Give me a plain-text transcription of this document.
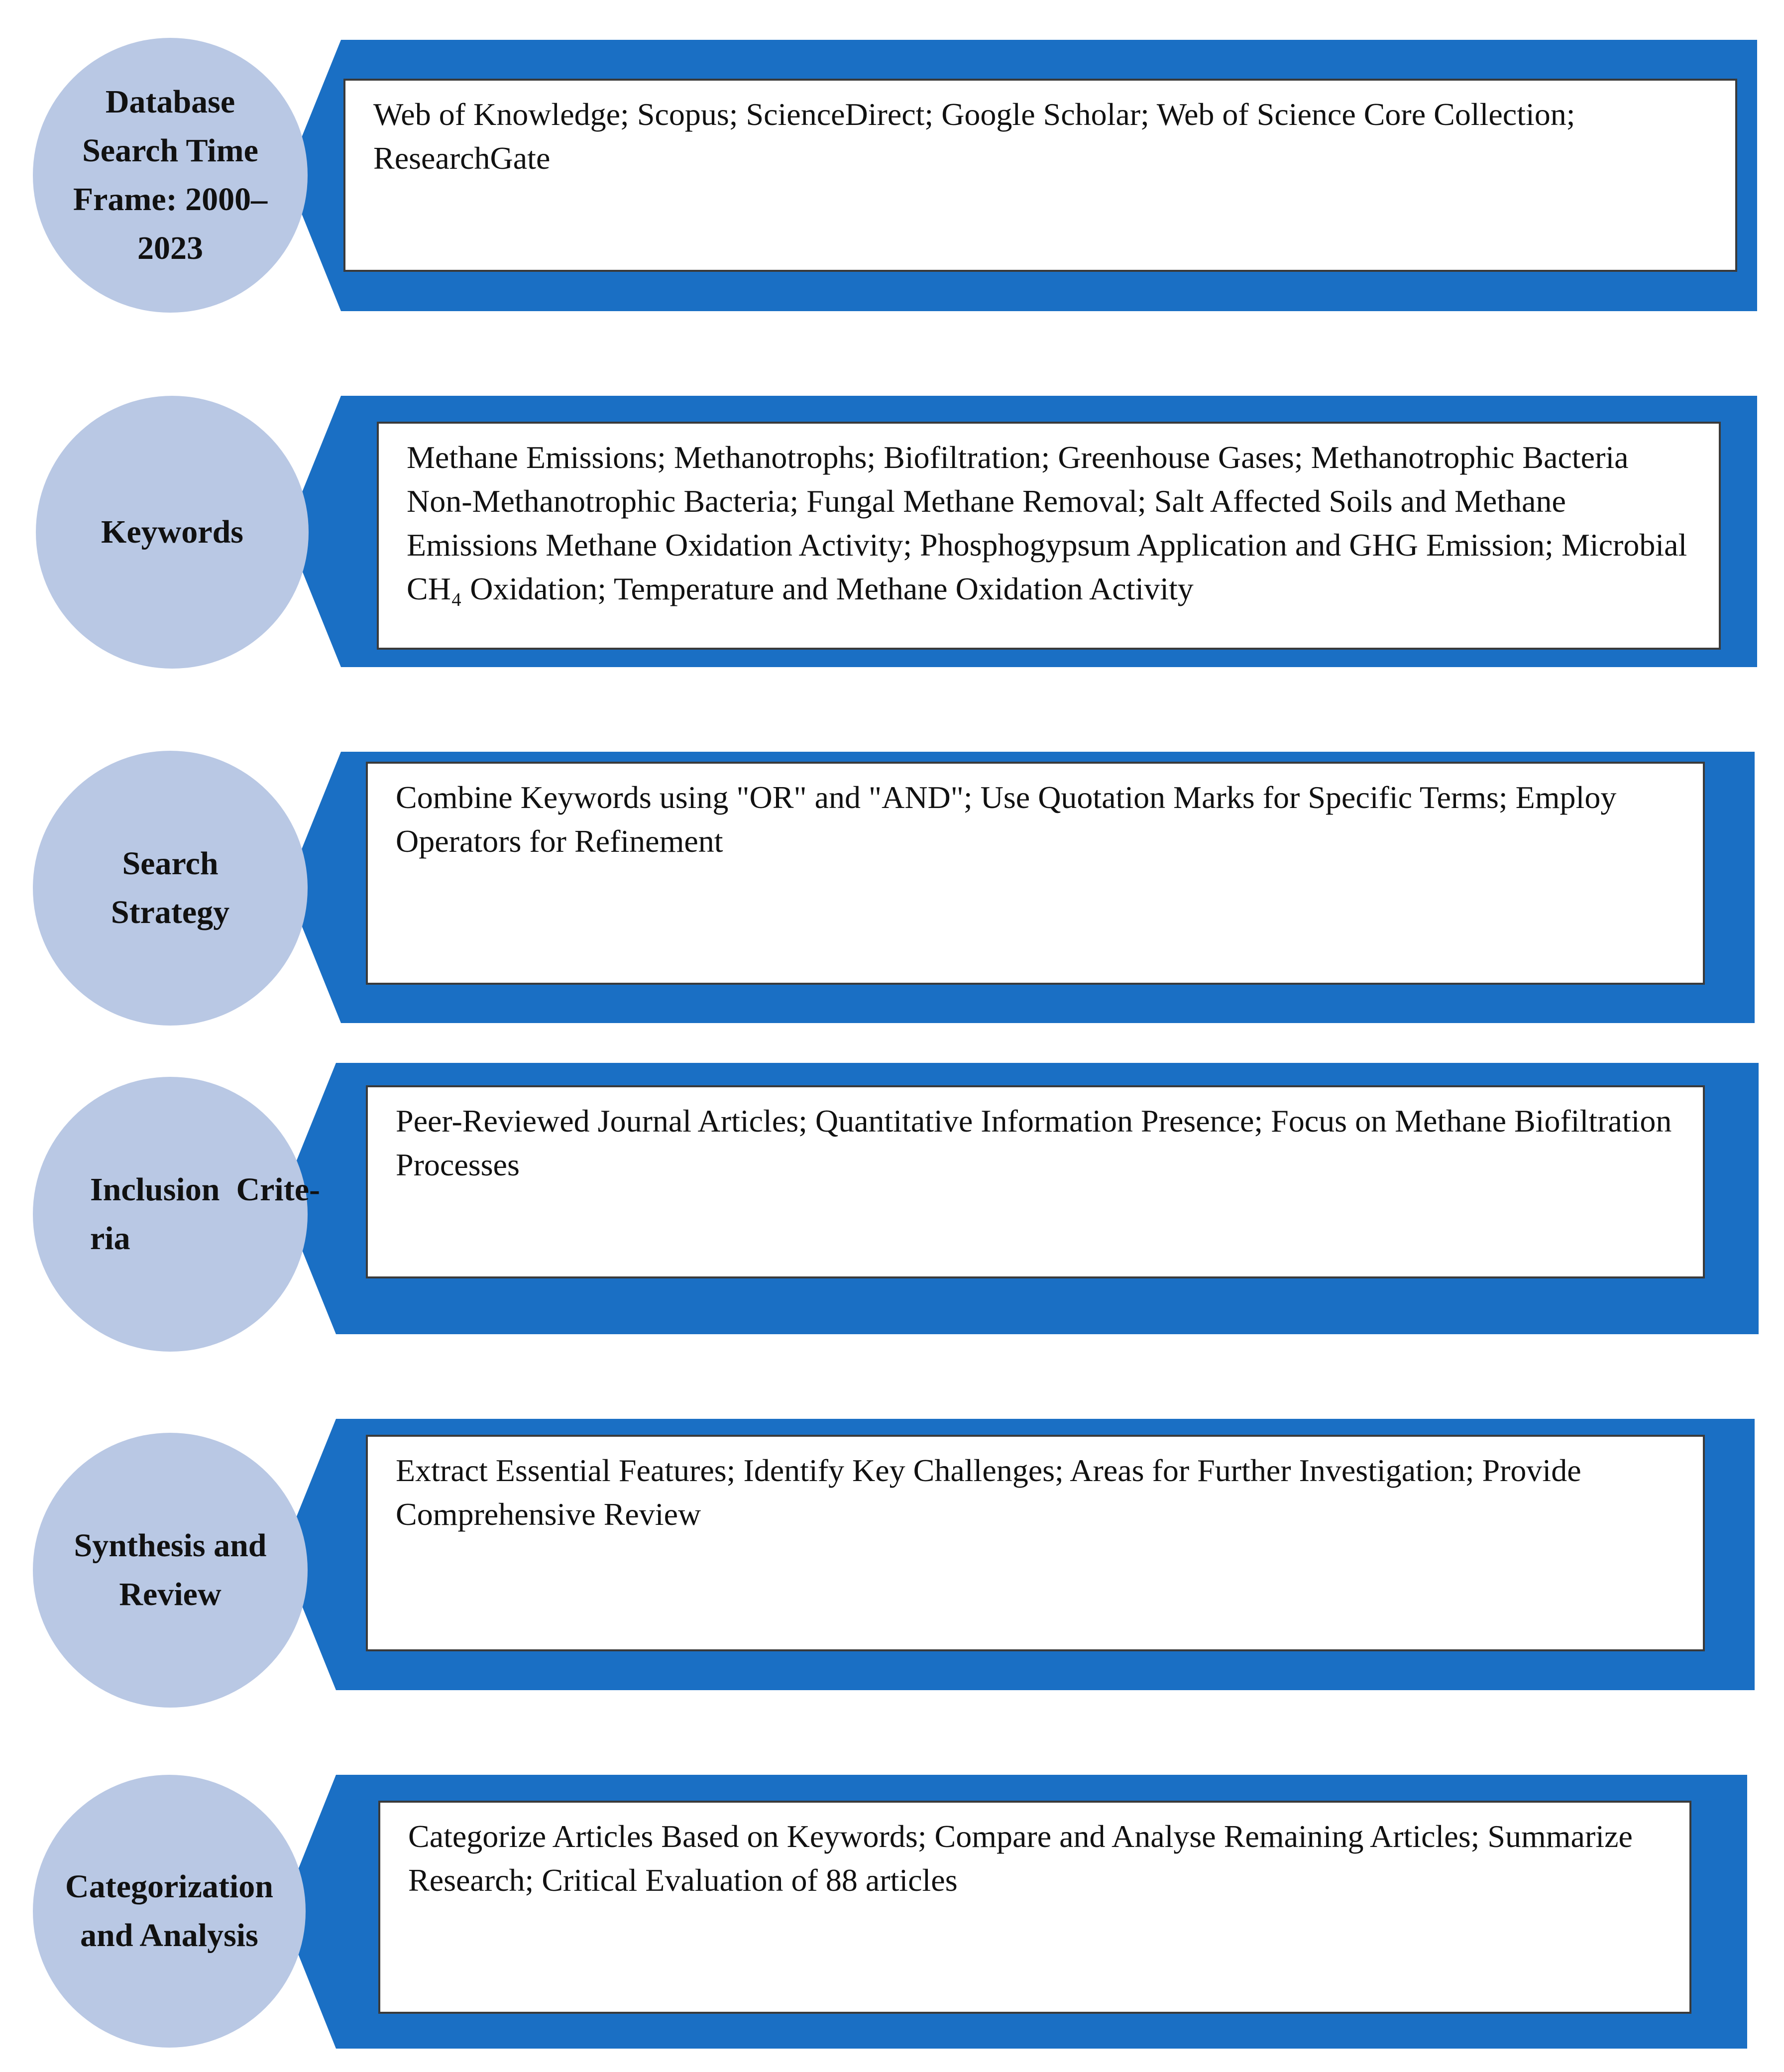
Web of Knowledge; Scopus; ScienceDirect; Google Scholar; Web of Science Core Collection; ResearchGate
Database
Search Time
Frame: 2000–
2023
Methane Emissions; Methanotrophs; Biofiltration; Greenhouse Gases; Methanotrophic Bacteria Non-Methanotrophic Bacteria; Fungal Methane Removal; Salt Affected Soils and Methane Emissions Methane Oxidation Activity; Phosphogypsum Application and GHG Emission; Microbial CH₄ Oxidation; Temperature and Methane Oxidation Activity
Keywords
Combine Keywords using "OR" and "AND"; Use Quotation Marks for Specific Terms; Employ Operators for Refinement
Search
Strategy
Peer-Reviewed Journal Articles; Quantitative Information Presence; Focus on Methane Biofiltration Processes
Inclusion  Crite-
ria
Extract Essential Features; Identify Key Challenges; Areas for Further Investigation; Provide Comprehensive Review
Synthesis and
Review
Categorize Articles Based on Keywords; Compare and Analyse Remaining Articles; Summarize Research; Critical Evaluation of 88 articles
Categorization
and Analysis
